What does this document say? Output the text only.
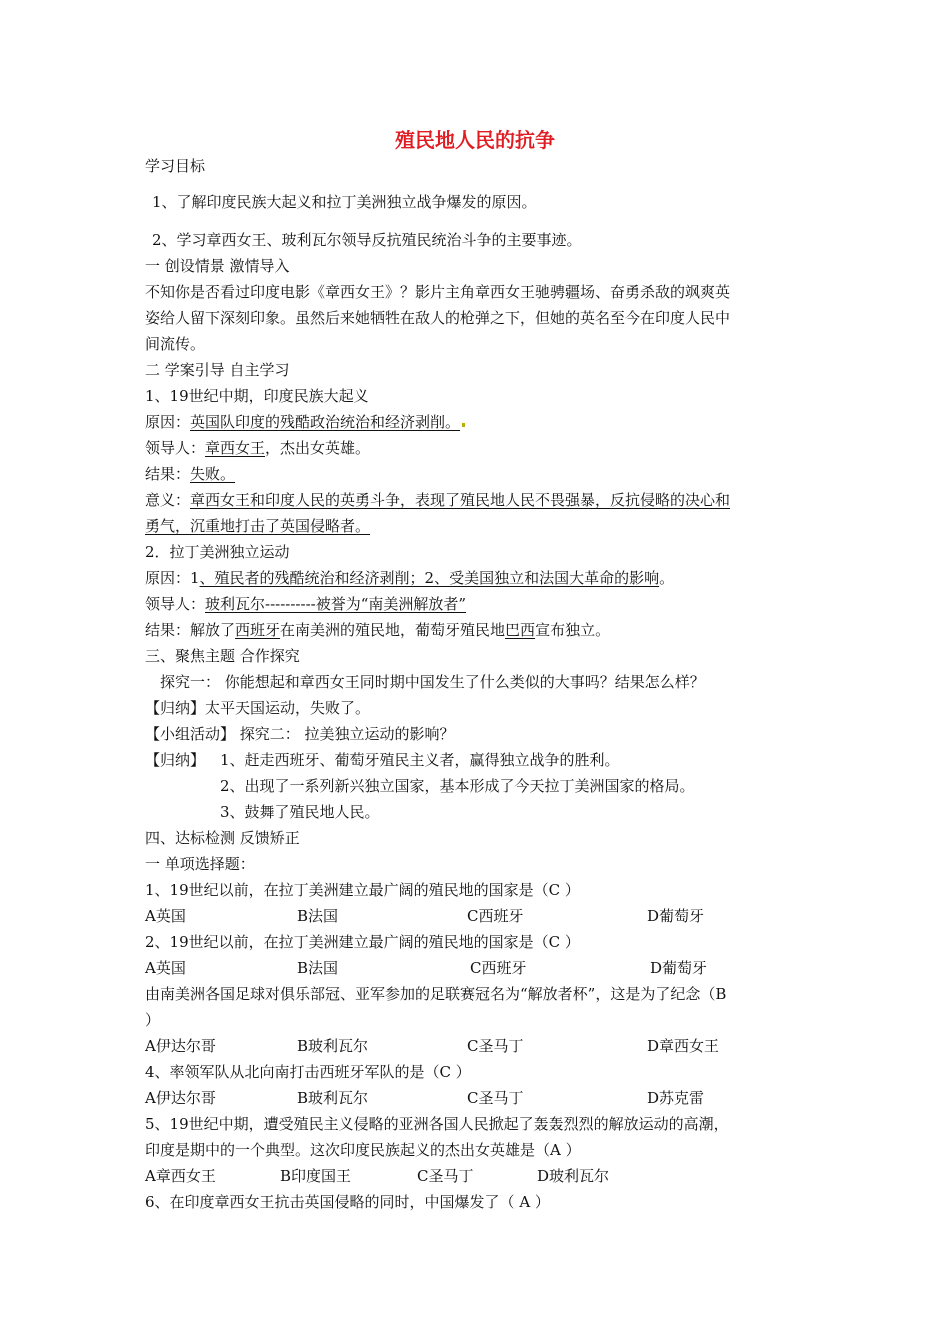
殖民地人民的抗争
学习目标
1、了解印度民族大起义和拉丁美洲独立战争爆发的原因。
2、学习章西女王、玻利瓦尔领导反抗殖民统治斗争的主要事迹。
一 创设情景 激情导入
不知你是否看过印度电影《章西女王》？影片主角章西女王驰骋疆场、奋勇杀敌的飒爽英
姿给人留下深刻印象。虽然后来她牺牲在敌人的枪弹之下，但她的英名至今在印度人民中
间流传。
二 学案引导 自主学习
1、19世纪中期，印度民族大起义
原因：英国队印度的残酷政治统治和经济剥削。
领导人：章西女王，杰出女英雄。
结果：失败。
意义：章西女王和印度人民的英勇斗争，表现了殖民地人民不畏强暴，反抗侵略的决心和
勇气，沉重地打击了英国侵略者。
2．拉丁美洲独立运动
原因：1、殖民者的残酷统治和经济剥削；2、受美国独立和法国大革命的影响。
领导人：玻利瓦尔----------被誉为“南美洲解放者”
结果：解放了西班牙在南美洲的殖民地，葡萄牙殖民地巴西宣布独立。
三、聚焦主题 合作探究
探究一： 你能想起和章西女王同时期中国发生了什么类似的大事吗？结果怎么样？
【归纳】太平天国运动，失败了。
【小组活动】 探究二： 拉美独立运动的影响？
【归纳】 1、赶走西班牙、葡萄牙殖民主义者，赢得独立战争的胜利。
2、出现了一系列新兴独立国家，基本形成了今天拉丁美洲国家的格局。
3、鼓舞了殖民地人民。
四、达标检测 反馈矫正
一 单项选择题：
1、19世纪以前，在拉丁美洲建立最广阔的殖民地的国家是（C ）
A英国	B法国	C西班牙	D葡萄牙
2、19世纪以前，在拉丁美洲建立最广阔的殖民地的国家是（C ）
A英国	B法国	C西班牙	D葡萄牙
由南美洲各国足球对俱乐部冠、亚军参加的足联赛冠名为“解放者杯”，这是为了纪念（B
）
A伊达尔哥	B玻利瓦尔	C圣马丁	D章西女王
4、率领军队从北向南打击西班牙军队的是（C ）
A伊达尔哥	B玻利瓦尔	C圣马丁	D苏克雷
5、19世纪中期，遭受殖民主义侵略的亚洲各国人民掀起了轰轰烈烈的解放运动的高潮，
印度是期中的一个典型。这次印度民族起义的杰出女英雄是（A ）
A章西女王	B印度国王	C圣马丁	D玻利瓦尔
6、在印度章西女王抗击英国侵略的同时，中国爆发了（ A ）
